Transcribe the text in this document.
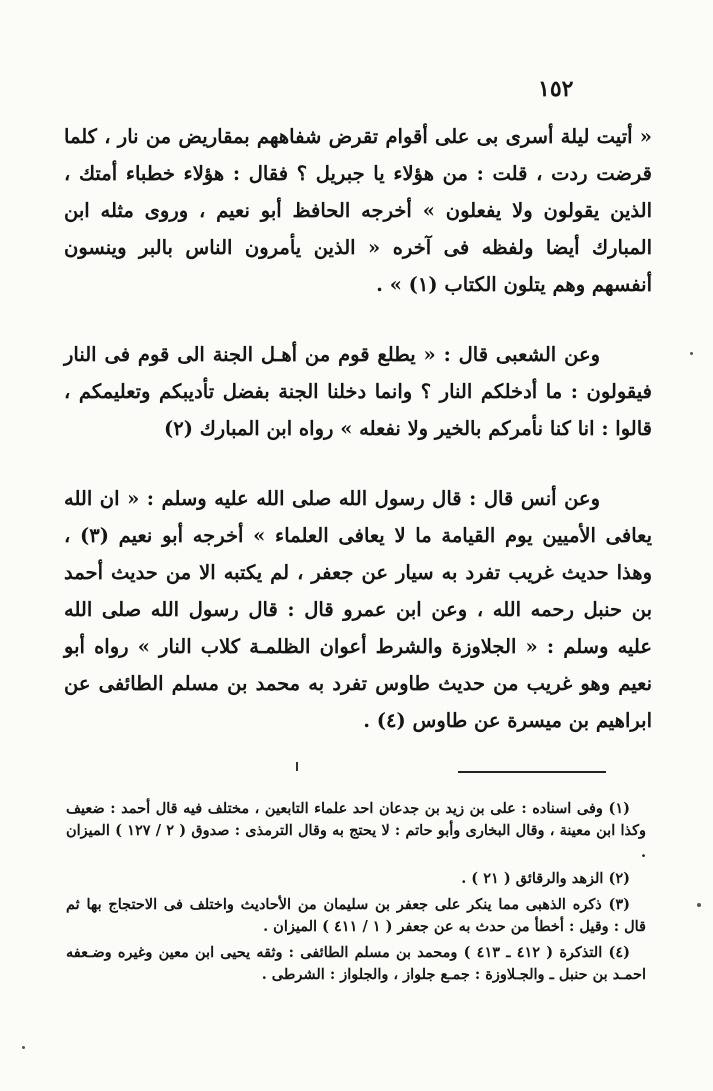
١٥٢

« أتيت ليلة أسرى بى على أقوام تقرض شفاههم بمقاريض من نار ، كلما قرضت ردت ، قلت : من هؤلاء يا جبريل ؟ فقال : هؤلاء خطباء أمتك ، الذين يقولون ولا يفعلون » أخرجه الحافظ أبو نعيم ، وروى مثله ابن المبارك أيضا ولفظه فى آخره « الذين يأمرون الناس بالبر وينسون أنفسهم وهم يتلون الكتاب (١) » .

وعن الشعبى قال : « يطلع قوم من أهـل الجنة الى قوم فى النار فيقولون : ما أدخلكم النار ؟ وانما دخلنا الجنة بفضل تأديبكم وتعليمكم ، قالوا : انا كنا نأمركم بالخير ولا نفعله » رواه ابن المبارك (٢)

وعن أنس قال : قال رسول الله صلى الله عليه وسلم : « ان الله يعافى الأميين يوم القيامة ما لا يعافى العلماء » أخرجه أبو نعيم (٣) ، وهذا حديث غريب تفرد به سيار عن جعفر ، لم يكتبه الا من حديث أحمد بن حنبل رحمه الله ، وعن ابن عمرو قال : قال رسول الله صلى الله عليه وسلم : « الجلاوزة والشرط أعوان الظلمـة كلاب النار » رواه أبو نعيم وهو غريب من حديث طاوس تفرد به محمد بن مسلم الطائفى عن ابراهيم بن ميسرة عن طاوس (٤) .

(١) وفى اسناده : على بن زيد بن جدعان احد علماء التابعين ، مختلف فيه قال أحمد : ضعيف وكذا ابن معينة ، وقال البخارى وأبو حاتم : لا يحتج به وقال الترمذى : صدوق ( ٢ / ١٢٧ ) الميزان .

(٢) الزهد والرقائق ( ٢١ ) .

(٣) ذكره الذهبى مما ينكر على جعفر بن سليمان من الأحاديث واختلف فى الاحتجاج بها ثم قال : وقيل : أخطأ من حدث به عن جعفر ( ١ / ٤١١ ) الميزان .

(٤) التذكرة ( ٤١٢ ـ ٤١٣ ) ومحمد بن مسلم الطائفى : وثقه يحيى ابن معين وغيره وضـعفه احمـد بن حنبل ـ والجـلاوزة : جمـع جلواز ، والجلواز : الشرطى .
